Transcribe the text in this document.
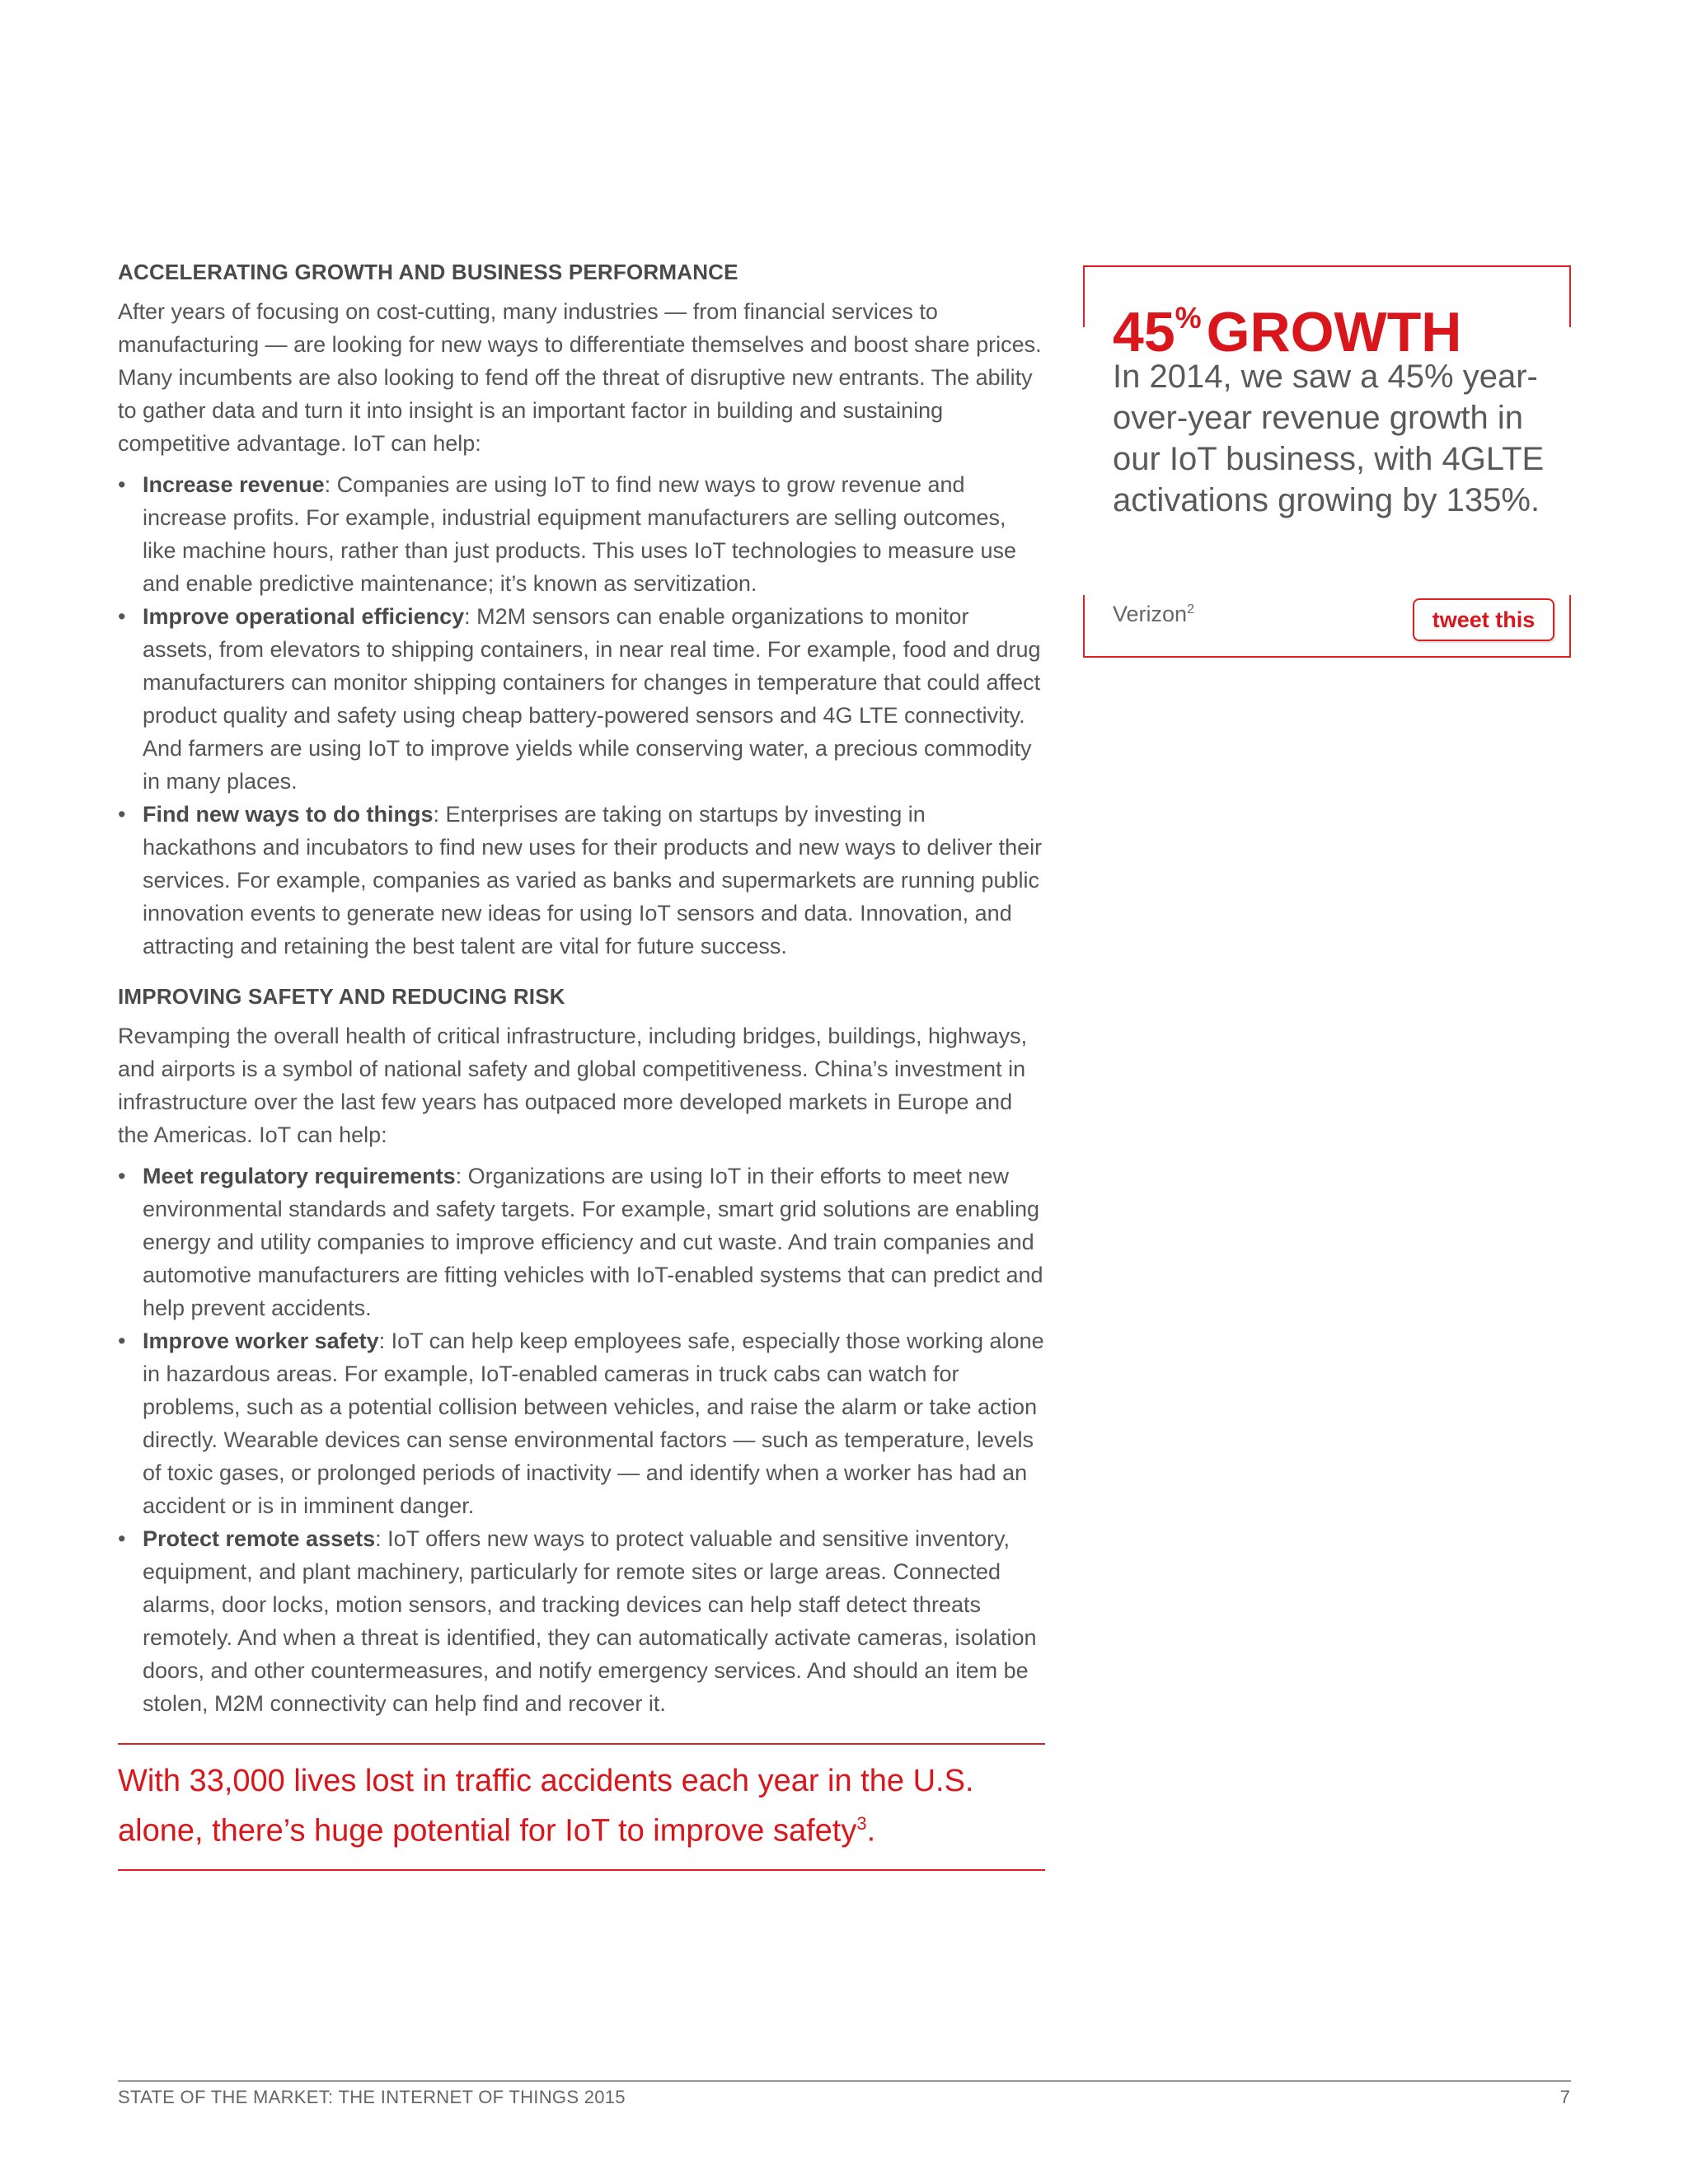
ACCELERATING GROWTH AND BUSINESS PERFORMANCE

After years of focusing on cost-cutting, many industries — from financial services to manufacturing — are looking for new ways to differentiate themselves and boost share prices. Many incumbents are also looking to fend off the threat of disruptive new entrants. The ability to gather data and turn it into insight is an important factor in building and sustaining competitive advantage. IoT can help:

• Increase revenue: Companies are using IoT to find new ways to grow revenue and increase profits. For example, industrial equipment manufacturers are selling outcomes, like machine hours, rather than just products. This uses IoT technologies to measure use and enable predictive maintenance; it’s known as servitization.
• Improve operational efficiency: M2M sensors can enable organizations to monitor assets, from elevators to shipping containers, in near real time. For example, food and drug manufacturers can monitor shipping containers for changes in temperature that could affect product quality and safety using cheap battery-powered sensors and 4G LTE connectivity. And farmers are using IoT to improve yields while conserving water, a precious commodity in many places.
• Find new ways to do things: Enterprises are taking on startups by investing in hackathons and incubators to find new uses for their products and new ways to deliver their services. For example, companies as varied as banks and supermarkets are running public innovation events to generate new ideas for using IoT sensors and data. Innovation, and attracting and retaining the best talent are vital for future success.
IMPROVING SAFETY AND REDUCING RISK

Revamping the overall health of critical infrastructure, including bridges, buildings, highways, and airports is a symbol of national safety and global competitiveness. China’s investment in infrastructure over the last few years has outpaced more developed markets in Europe and the Americas. IoT can help:

• Meet regulatory requirements: Organizations are using IoT in their efforts to meet new environmental standards and safety targets. For example, smart grid solutions are enabling energy and utility companies to improve efficiency and cut waste. And train companies and automotive manufacturers are fitting vehicles with IoT-enabled systems that can predict and help prevent accidents.
• Improve worker safety: IoT can help keep employees safe, especially those working alone in hazardous areas. For example, IoT-enabled cameras in truck cabs can watch for problems, such as a potential collision between vehicles, and raise the alarm or take action directly. Wearable devices can sense environmental factors — such as temperature, levels of toxic gases, or prolonged periods of inactivity — and identify when a worker has had an accident or is in imminent danger.
• Protect remote assets: IoT offers new ways to protect valuable and sensitive inventory, equipment, and plant machinery, particularly for remote sites or large areas. Connected alarms, door locks, motion sensors, and tracking devices can help staff detect threats remotely. And when a threat is identified, they can automatically activate cameras, isolation doors, and other countermeasures, and notify emergency services. And should an item be stolen, M2M connectivity can help find and recover it.
With 33,000 lives lost in traffic accidents each year in the U.S. alone, there’s huge potential for IoT to improve safety$^3$.
45%GROWTH
In 2014, we saw a 45% year-over-year revenue growth in our IoT business, with 4GLTE activations growing by 135%.
Verizon$^2$	tweet this
STATE OF THE MARKET: THE INTERNET OF THINGS 2015	7
